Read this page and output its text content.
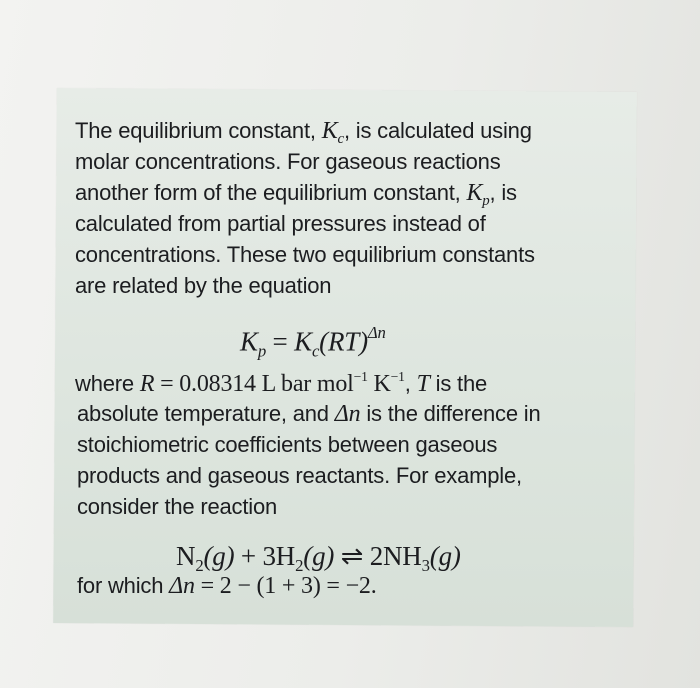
The equilibrium constant, $K_c$, is calculated using
molar concentrations. For gaseous reactions
another form of the equilibrium constant, $K_p$, is
calculated from partial pressures instead of
concentrations. These two equilibrium constants
are related by the equation
$K_p = K_c(RT)^{\Delta n}$
where R = 0.08314 L bar mol$^{-1}$ $K^{-1}$, T is the
absolute temperature, and Δn is the difference in
stoichiometric coefficients between gaseous
products and gaseous reactants. For example,
consider the reaction
$N_2(g) + 3H_2(g)$ ⇌ $2NH_3(g)$
for which Δn = 2 − (1 + 3) = −2.
